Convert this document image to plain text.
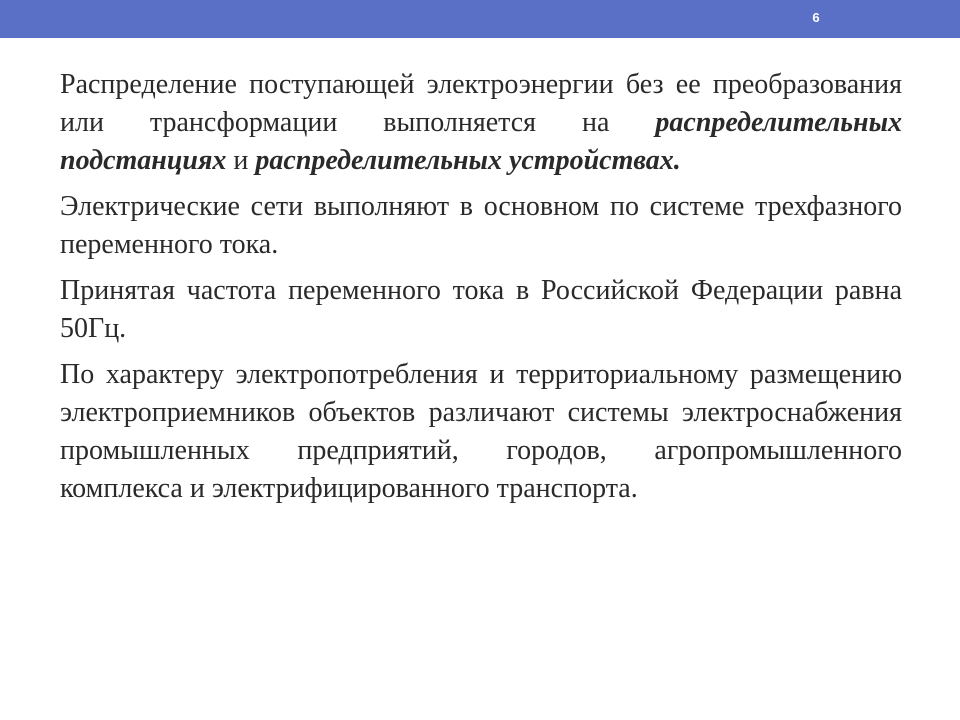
6

Распределение поступающей электроэнергии без ее преобразования или трансформации выполняется на распределительных подстанциях и распределительных устройствах.

Электрические сети выполняют в основном по системе трехфазного переменного тока.

Принятая частота переменного тока в Российской Федерации равна 50Гц.

По характеру электропотребления и территориальному размещению электроприемников объектов различают системы электроснабжения промышленных предприятий, городов, агропромышленного комплекса и электрифицированного транспорта.
